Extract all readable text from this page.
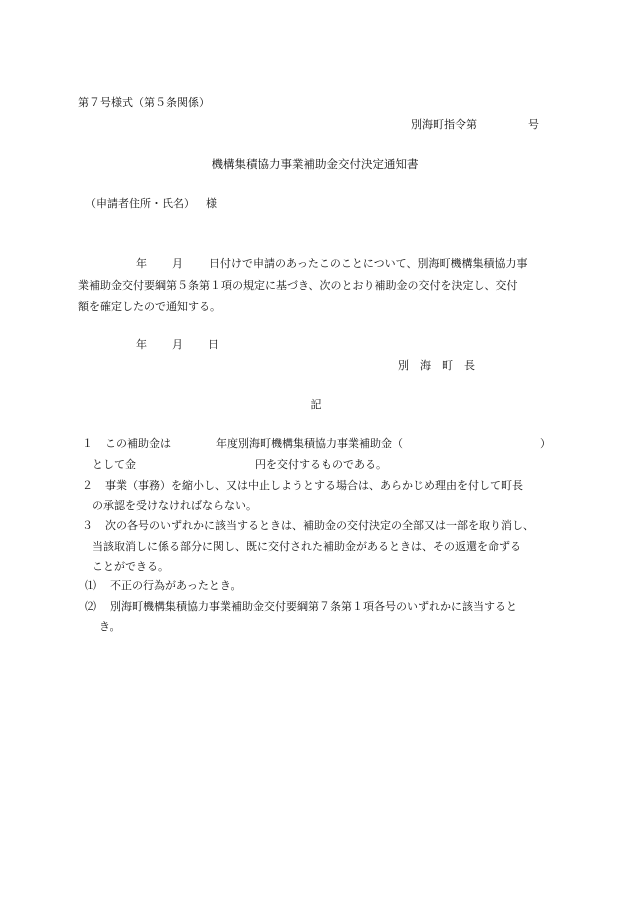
第７号様式（第５条関係）
別海町指令第	号
機構集積協力事業補助金交付決定通知書
（申請者住所・氏名） 様
年 月 日付けで申請のあったこのことについて、別海町機構集積協力事
業補助金交付要綱第５条第１項の規定に基づき、次のとおり補助金の交付を決定し、交付
額を確定したので通知する。
年 月 日
別　海　町　長
記
１ この補助金は	年度別海町機構集積協力事業補助金（	）
として金	円を交付するものである。
２ 事業（事務）を縮小し、又は中止しようとする場合は、あらかじめ理由を付して町長
の承認を受けなければならない。
３ 次の各号のいずれかに該当するときは、補助金の交付決定の全部又は一部を取り消し、
当該取消しに係る部分に関し、既に交付された補助金があるときは、その返還を命ずる
ことができる。
⑴ 不正の行為があったとき。
⑵ 別海町機構集積協力事業補助金交付要綱第７条第１項各号のいずれかに該当すると
き。
